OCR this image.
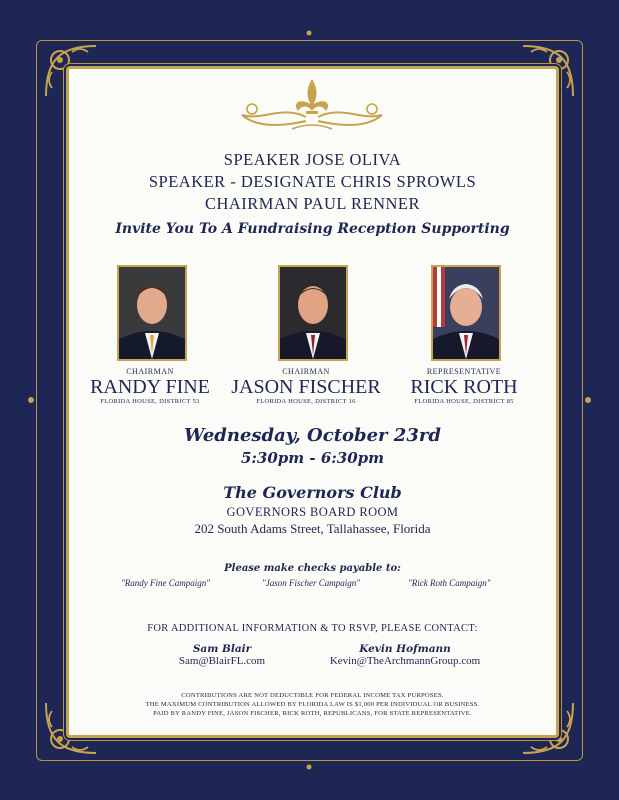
SPEAKER JOSE OLIVA
SPEAKER - DESIGNATE CHRIS SPROWLS
CHAIRMAN PAUL RENNER
Invite You To A Fundraising Reception Supporting
CHAIRMAN
RANDY FINE
FLORIDA HOUSE, DISTRICT 53
CHAIRMAN
JASON FISCHER
FLORIDA HOUSE, DISTRICT 16
REPRESENTATIVE
RICK ROTH
FLORIDA HOUSE, DISTRICT 85
Wednesday, October 23rd
5:30pm - 6:30pm
The Governors Club
GOVERNORS BOARD ROOM
202 South Adams Street, Tallahassee, Florida
Please make checks payable to:
"Randy Fine Campaign"	"Jason Fischer Campaign"	"Rick Roth Campaign"
FOR ADDITIONAL INFORMATION & TO RSVP, PLEASE CONTACT:
Sam Blair
Sam@BlairFL.com
Kevin Hofmann
Kevin@TheArchmannGroup.com
CONTRIBUTIONS ARE NOT DEDUCTIBLE FOR FEDERAL INCOME TAX PURPOSES.
THE MAXIMUM CONTRIBUTION ALLOWED BY FLORIDA LAW IS $1,000 PER INDIVIDUAL OR BUSINESS.
PAID BY RANDY FINE, JASON FISCHER, RICK ROTH, REPUBLICANS, FOR STATE REPRESENTATIVE.
